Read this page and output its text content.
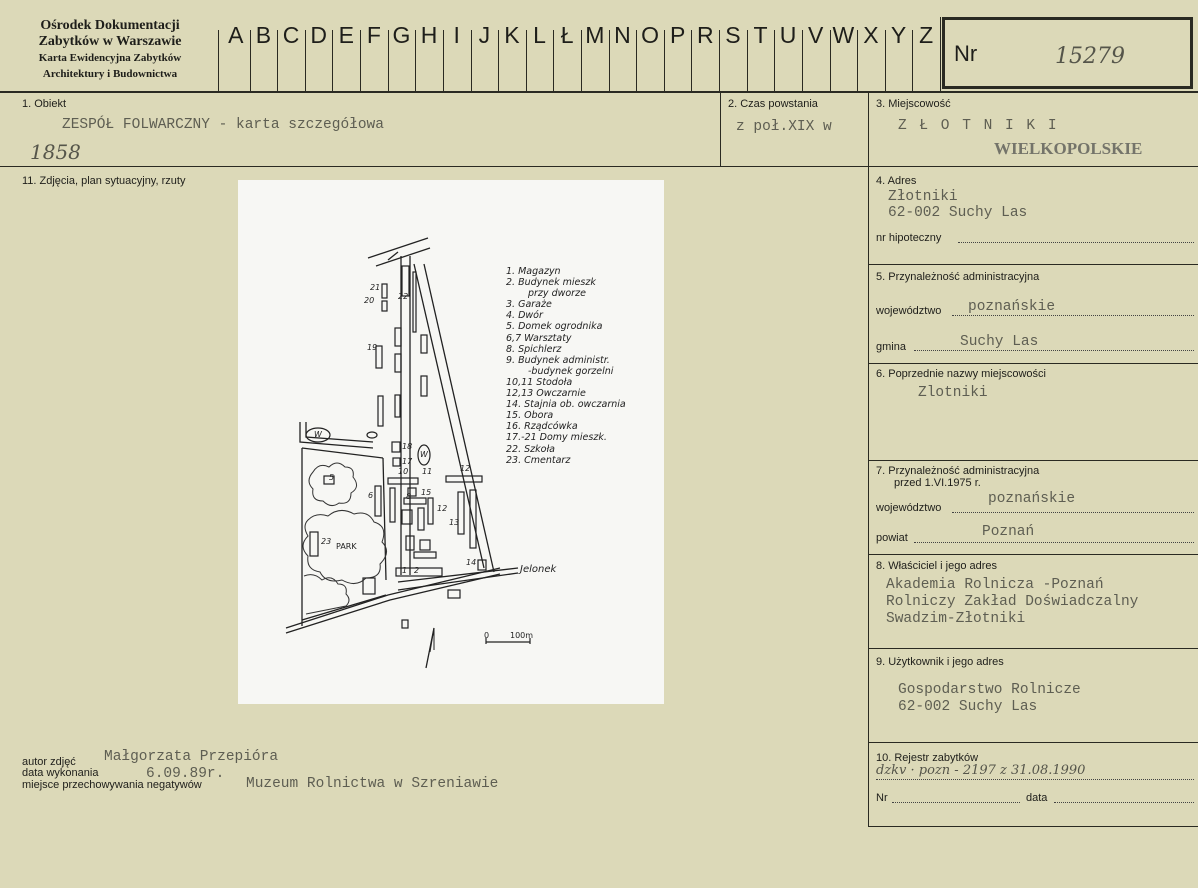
Ośrodek Dokumentacji
Zabytków w Warszawie
Karta Ewidencyjna Zabytków
Architektury i Budownictwa
A B C D E F G H I J K L Ł M N O P R S T U V W X Y Z
Nr	15279
1. Obiekt
ZESPÓŁ FOLWARCZNY - karta szczegółowa
1858
2. Czas powstania
z poł.XIX w
3. Miejscowość
Z Ł O T N I K I
WIELKOPOLSKIE
11. Zdjęcia, plan sytuacyjny, rzuty
21
20	22
19
W
W
18
17
10 11	12
6	8 15
12
13
5
23
PARK
14
1 2	Jelonek
0	100m
1. Magazyn
2. Budynek mieszk
przy dworze
3. Garaże
4. Dwór
5. Domek ogrodnika
6,7 Warsztaty
8. Spichlerz
9. Budynek administr.
-budynek gorzelni
10,11 Stodoła
12,13 Owczarnie
14. Stajnia ob. owczarnia
15. Obora
16. Rządcówka
17.-21 Domy mieszk.
22. Szkoła
23. Cmentarz
autor zdjęć Małgorzata Przepióra
data wykonania	6.09.89r.
miejsce przechowywania negatywów	Muzeum Rolnictwa w Szreniawie
4. Adres
Złotniki
62-002 Suchy Las
nr hipoteczny
5. Przynależność administracyjna
województwo poznańskie
gmina	Suchy Las
6. Poprzednie nazwy miejscowości
Zlotniki
7. Przynależność administracyjna
przed 1.VI.1975 r.
województwo
poznańskie
powiat	Poznań
8. Właściciel i jego adres
Akademia Rolnicza -Poznań
Rolniczy Zakład Doświadczalny
Swadzim-Złotniki
9. Użytkownik i jego adres
Gospodarstwo Rolnicze
62-002 Suchy Las
10. Rejestr zabytków
dzkv · pozn - 2197 z 31.08.1990
Nr	data
